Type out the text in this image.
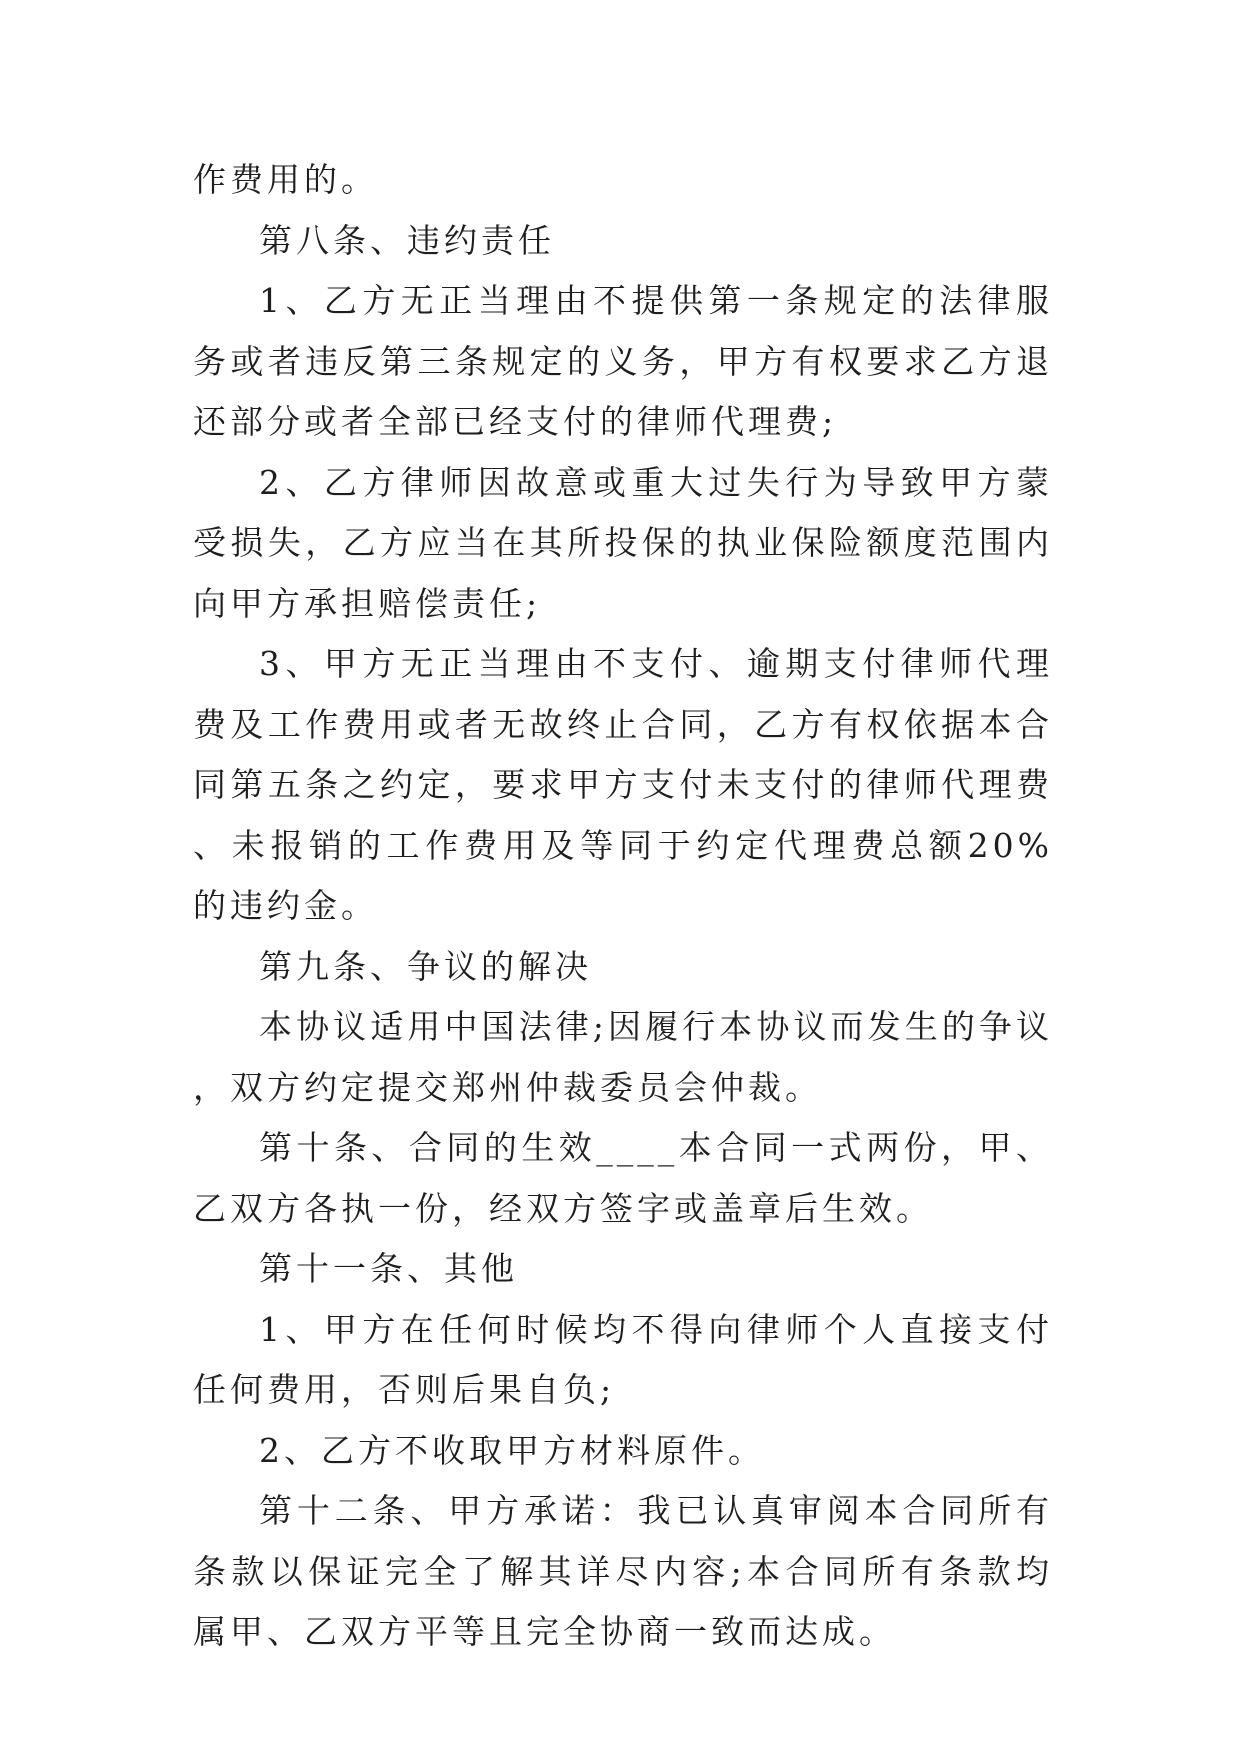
作费用的。

第八条、违约责任

1、乙方无正当理由不提供第一条规定的法律服务或者违反第三条规定的义务，甲方有权要求乙方退还部分或者全部已经支付的律师代理费;

2、乙方律师因故意或重大过失行为导致甲方蒙受损失，乙方应当在其所投保的执业保险额度范围内向甲方承担赔偿责任;

3、甲方无正当理由不支付、逾期支付律师代理费及工作费用或者无故终止合同，乙方有权依据本合同第五条之约定，要求甲方支付未支付的律师代理费、未报销的工作费用及等同于约定代理费总额20%的违约金。

第九条、争议的解决

本协议适用中国法律;因履行本协议而发生的争议，双方约定提交郑州仲裁委员会仲裁。

第十条、合同的生效____本合同一式两份，甲、乙双方各执一份，经双方签字或盖章后生效。

第十一条、其他

1、甲方在任何时候均不得向律师个人直接支付任何费用，否则后果自负;

2、乙方不收取甲方材料原件。

第十二条、甲方承诺：我已认真审阅本合同所有条款以保证完全了解其详尽内容;本合同所有条款均属甲、乙双方平等且完全协商一致而达成。
